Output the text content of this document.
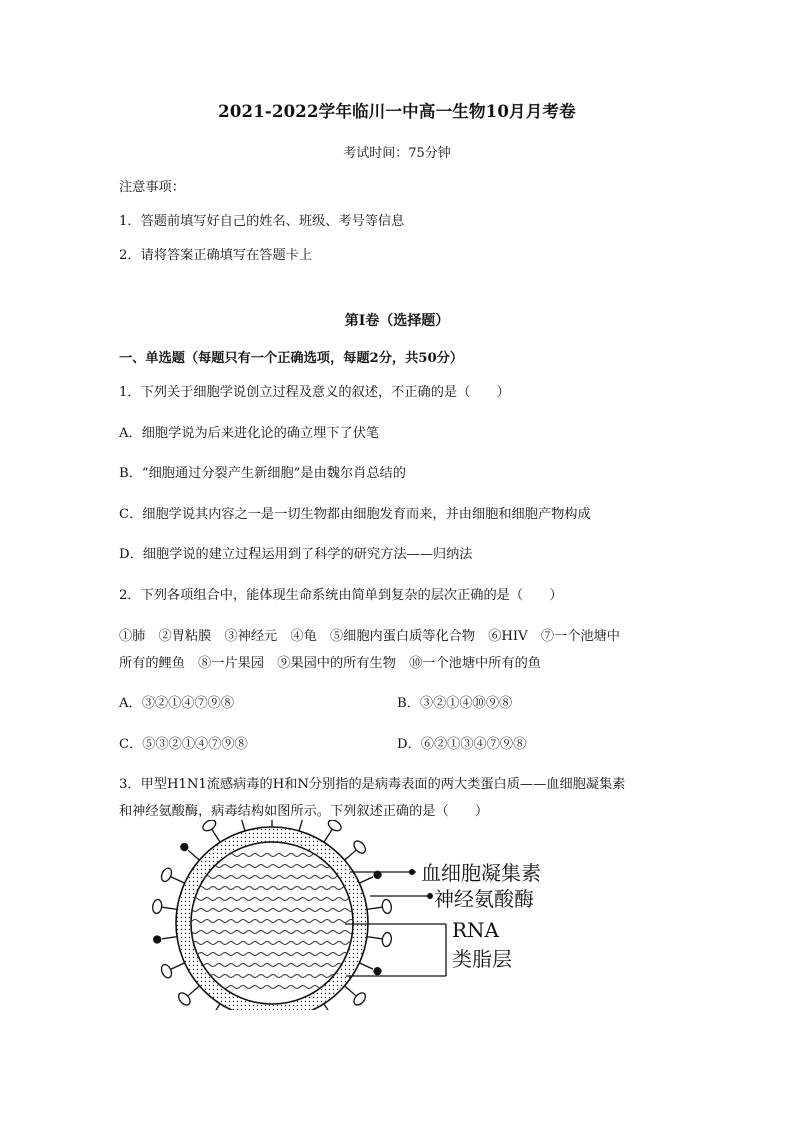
2021-2022学年临川一中高一生物10月月考卷
考试时间：75分钟
注意事项：
1．答题前填写好自己的姓名、班级、考号等信息
2．请将答案正确填写在答题卡上
第I卷（选择题）
一、单选题（每题只有一个正确选项，每题2分，共50分）
1．下列关于细胞学说创立过程及意义的叙述，不正确的是（　　）
A．细胞学说为后来进化论的确立埋下了伏笔
B．“细胞通过分裂产生新细胞”是由魏尔肖总结的
C．细胞学说其内容之一是一切生物都由细胞发育而来，并由细胞和细胞产物构成
D．细胞学说的建立过程运用到了科学的研究方法——归纳法
2．下列各项组合中，能体现生命系统由简单到复杂的层次正确的是（　　）
①肺　②胃粘膜　③神经元　④龟　⑤细胞内蛋白质等化合物　⑥HIV　⑦一个池塘中
所有的鲤鱼　⑧一片果园　⑨果园中的所有生物　⑩一个池塘中所有的鱼
A．③②①④⑦⑨⑧	B．③②①④⑩⑨⑧
C．⑤③②①④⑦⑨⑧	D．⑥②①③④⑦⑨⑧
3．甲型H1N1流感病毒的H和N分别指的是病毒表面的两大类蛋白质——血细胞凝集素
和神经氨酸酶，病毒结构如图所示。下列叙述正确的是（　　）
血细胞凝集素
神经氨酸酶
RNA
类脂层
